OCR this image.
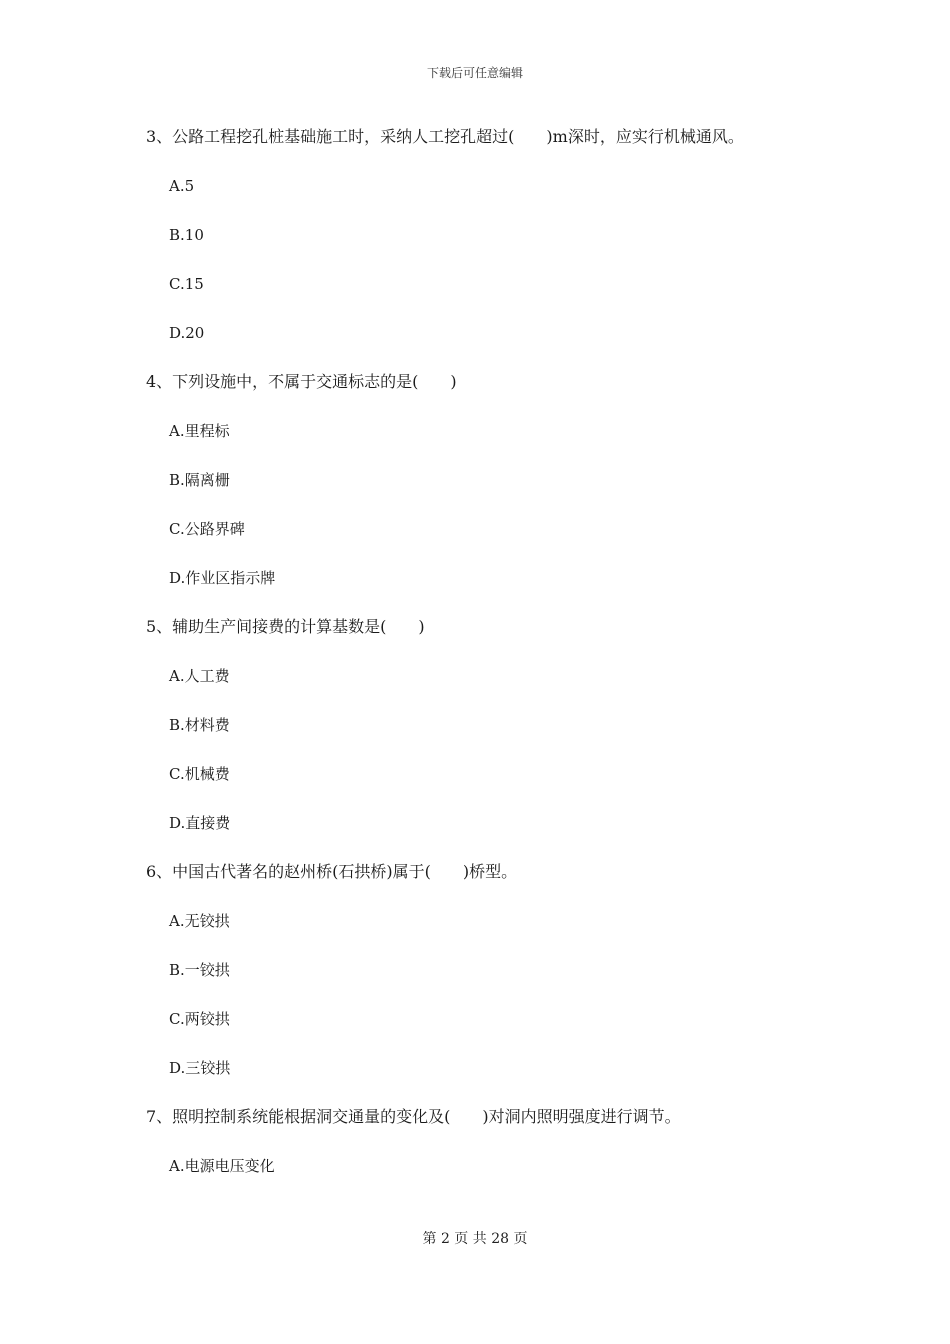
下载后可任意编辑
3、公路工程挖孔桩基础施工时，采纳人工挖孔超过(　　)m深时，应实行机械通风。
A.5
B.10
C.15
D.20
4、下列设施中，不属于交通标志的是(　　)
A.里程标
B.隔离栅
C.公路界碑
D.作业区指示牌
5、辅助生产间接费的计算基数是(　　)
A.人工费
B.材料费
C.机械费
D.直接费
6、中国古代著名的赵州桥(石拱桥)属于(　　)桥型。
A.无铰拱
B.一铰拱
C.两铰拱
D.三铰拱
7、照明控制系统能根据洞交通量的变化及(　　)对洞内照明强度进行调节。
A.电源电压变化
第 2 页 共 28 页
